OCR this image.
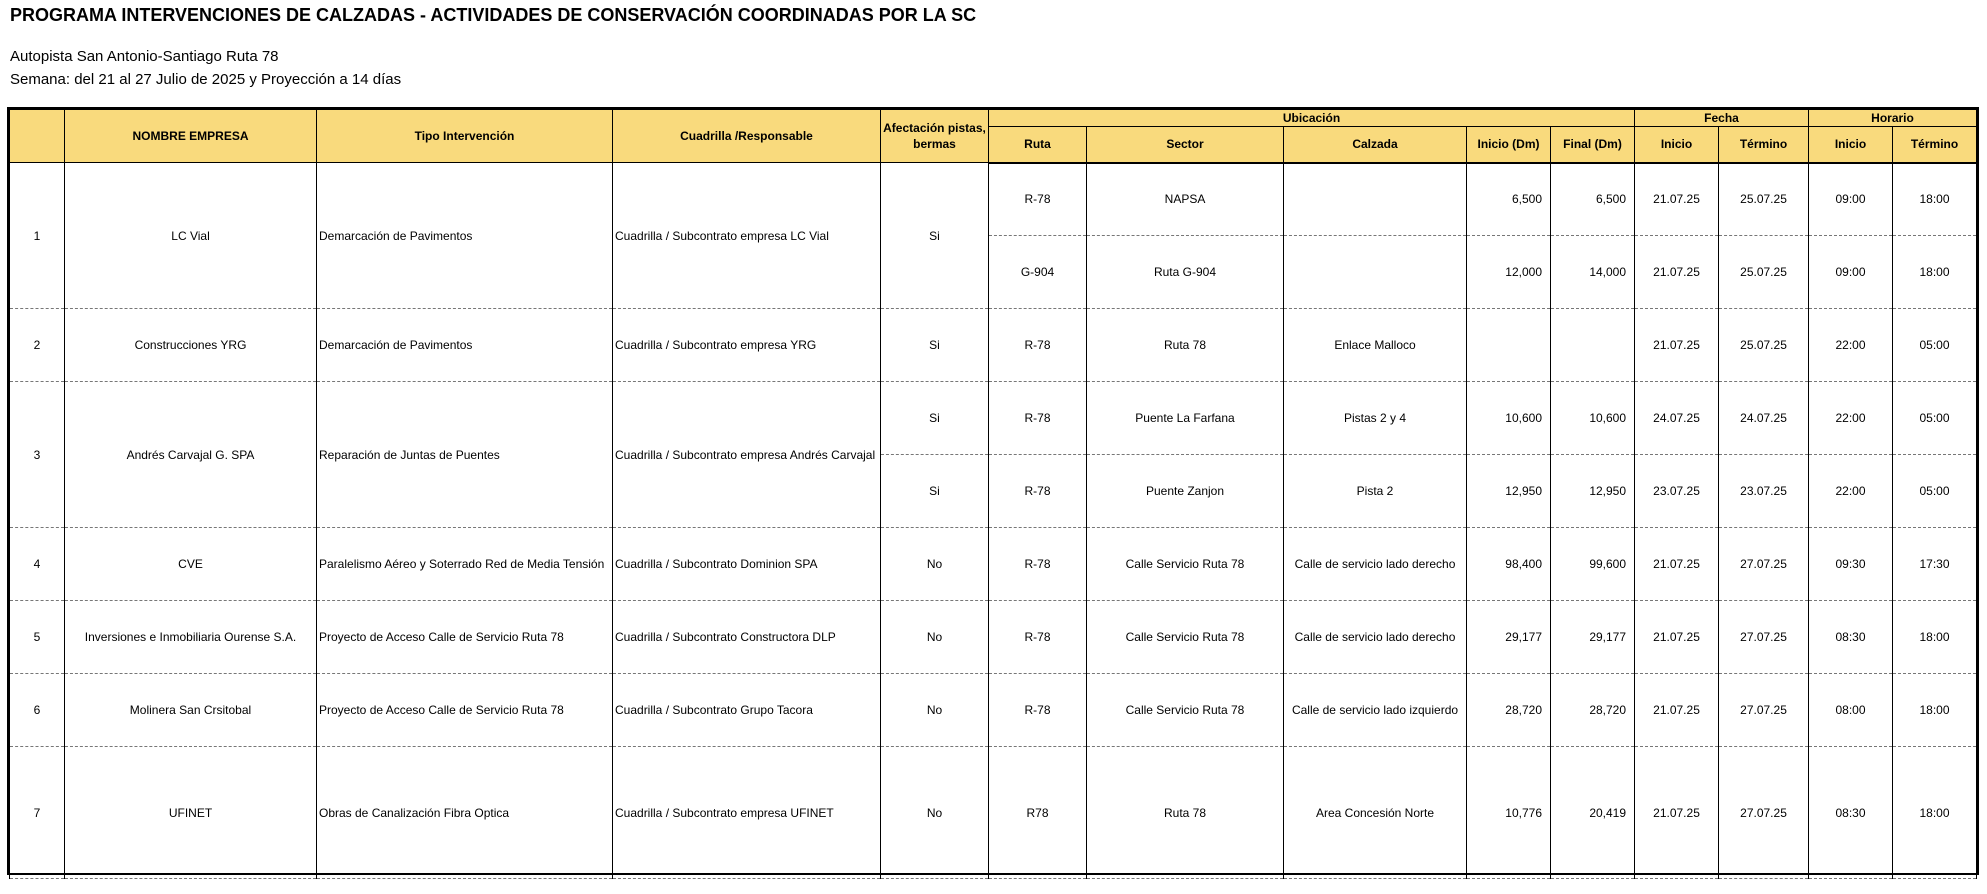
PROGRAMA INTERVENCIONES DE CALZADAS - ACTIVIDADES DE CONSERVACIÓN COORDINADAS POR LA SC
Autopista San Antonio-Santiago Ruta 78
Semana: del 21 al 27 Julio de 2025 y Proyección a 14 días
	NOMBRE EMPRESA	Tipo Intervención	Cuadrilla /Responsable	Afectación pistas, bermas	Ubicación					Fecha		Horario	
					Ruta	Sector	Calzada	Inicio (Dm)	Final (Dm)	Inicio	Término	Inicio	Término
1	LC Vial	Demarcación de Pavimentos	Cuadrilla / Subcontrato empresa LC Vial	Si	R-78	NAPSA		6,500	6,500	21.07.25	25.07.25	09:00	18:00
					G-904	Ruta G-904		12,000	14,000	21.07.25	25.07.25	09:00	18:00
2	Construcciones YRG	Demarcación de Pavimentos	Cuadrilla / Subcontrato empresa YRG	Si	R-78	Ruta 78	Enlace Malloco			21.07.25	25.07.25	22:00	05:00
3	Andrés Carvajal G. SPA	Reparación de Juntas de Puentes	Cuadrilla / Subcontrato empresa Andrés Carvajal	Si	R-78	Puente La Farfana	Pistas 2 y 4	10,600	10,600	24.07.25	24.07.25	22:00	05:00
				Si	R-78	Puente Zanjon	Pista 2	12,950	12,950	23.07.25	23.07.25	22:00	05:00
4	CVE	Paralelismo Aéreo y Soterrado Red de Media Tensión	Cuadrilla / Subcontrato Dominion SPA	No	R-78	Calle Servicio Ruta 78	Calle de servicio lado derecho	98,400	99,600	21.07.25	27.07.25	09:30	17:30
5	Inversiones e Inmobiliaria Ourense S.A.	Proyecto de Acceso Calle de Servicio Ruta 78	Cuadrilla / Subcontrato Constructora DLP	No	R-78	Calle Servicio Ruta 78	Calle de servicio lado derecho	29,177	29,177	21.07.25	27.07.25	08:30	18:00
6	Molinera San Crsitobal	Proyecto de Acceso Calle de Servicio Ruta 78	Cuadrilla / Subcontrato Grupo Tacora	No	R-78	Calle Servicio Ruta 78	Calle de servicio lado izquierdo	28,720	28,720	21.07.25	27.07.25	08:00	18:00
7	UFINET	Obras de Canalización Fibra Optica	Cuadrilla / Subcontrato empresa UFINET	No	R78	Ruta 78	Area Concesión Norte	10,776	20,419	21.07.25	27.07.25	08:30	18:00
